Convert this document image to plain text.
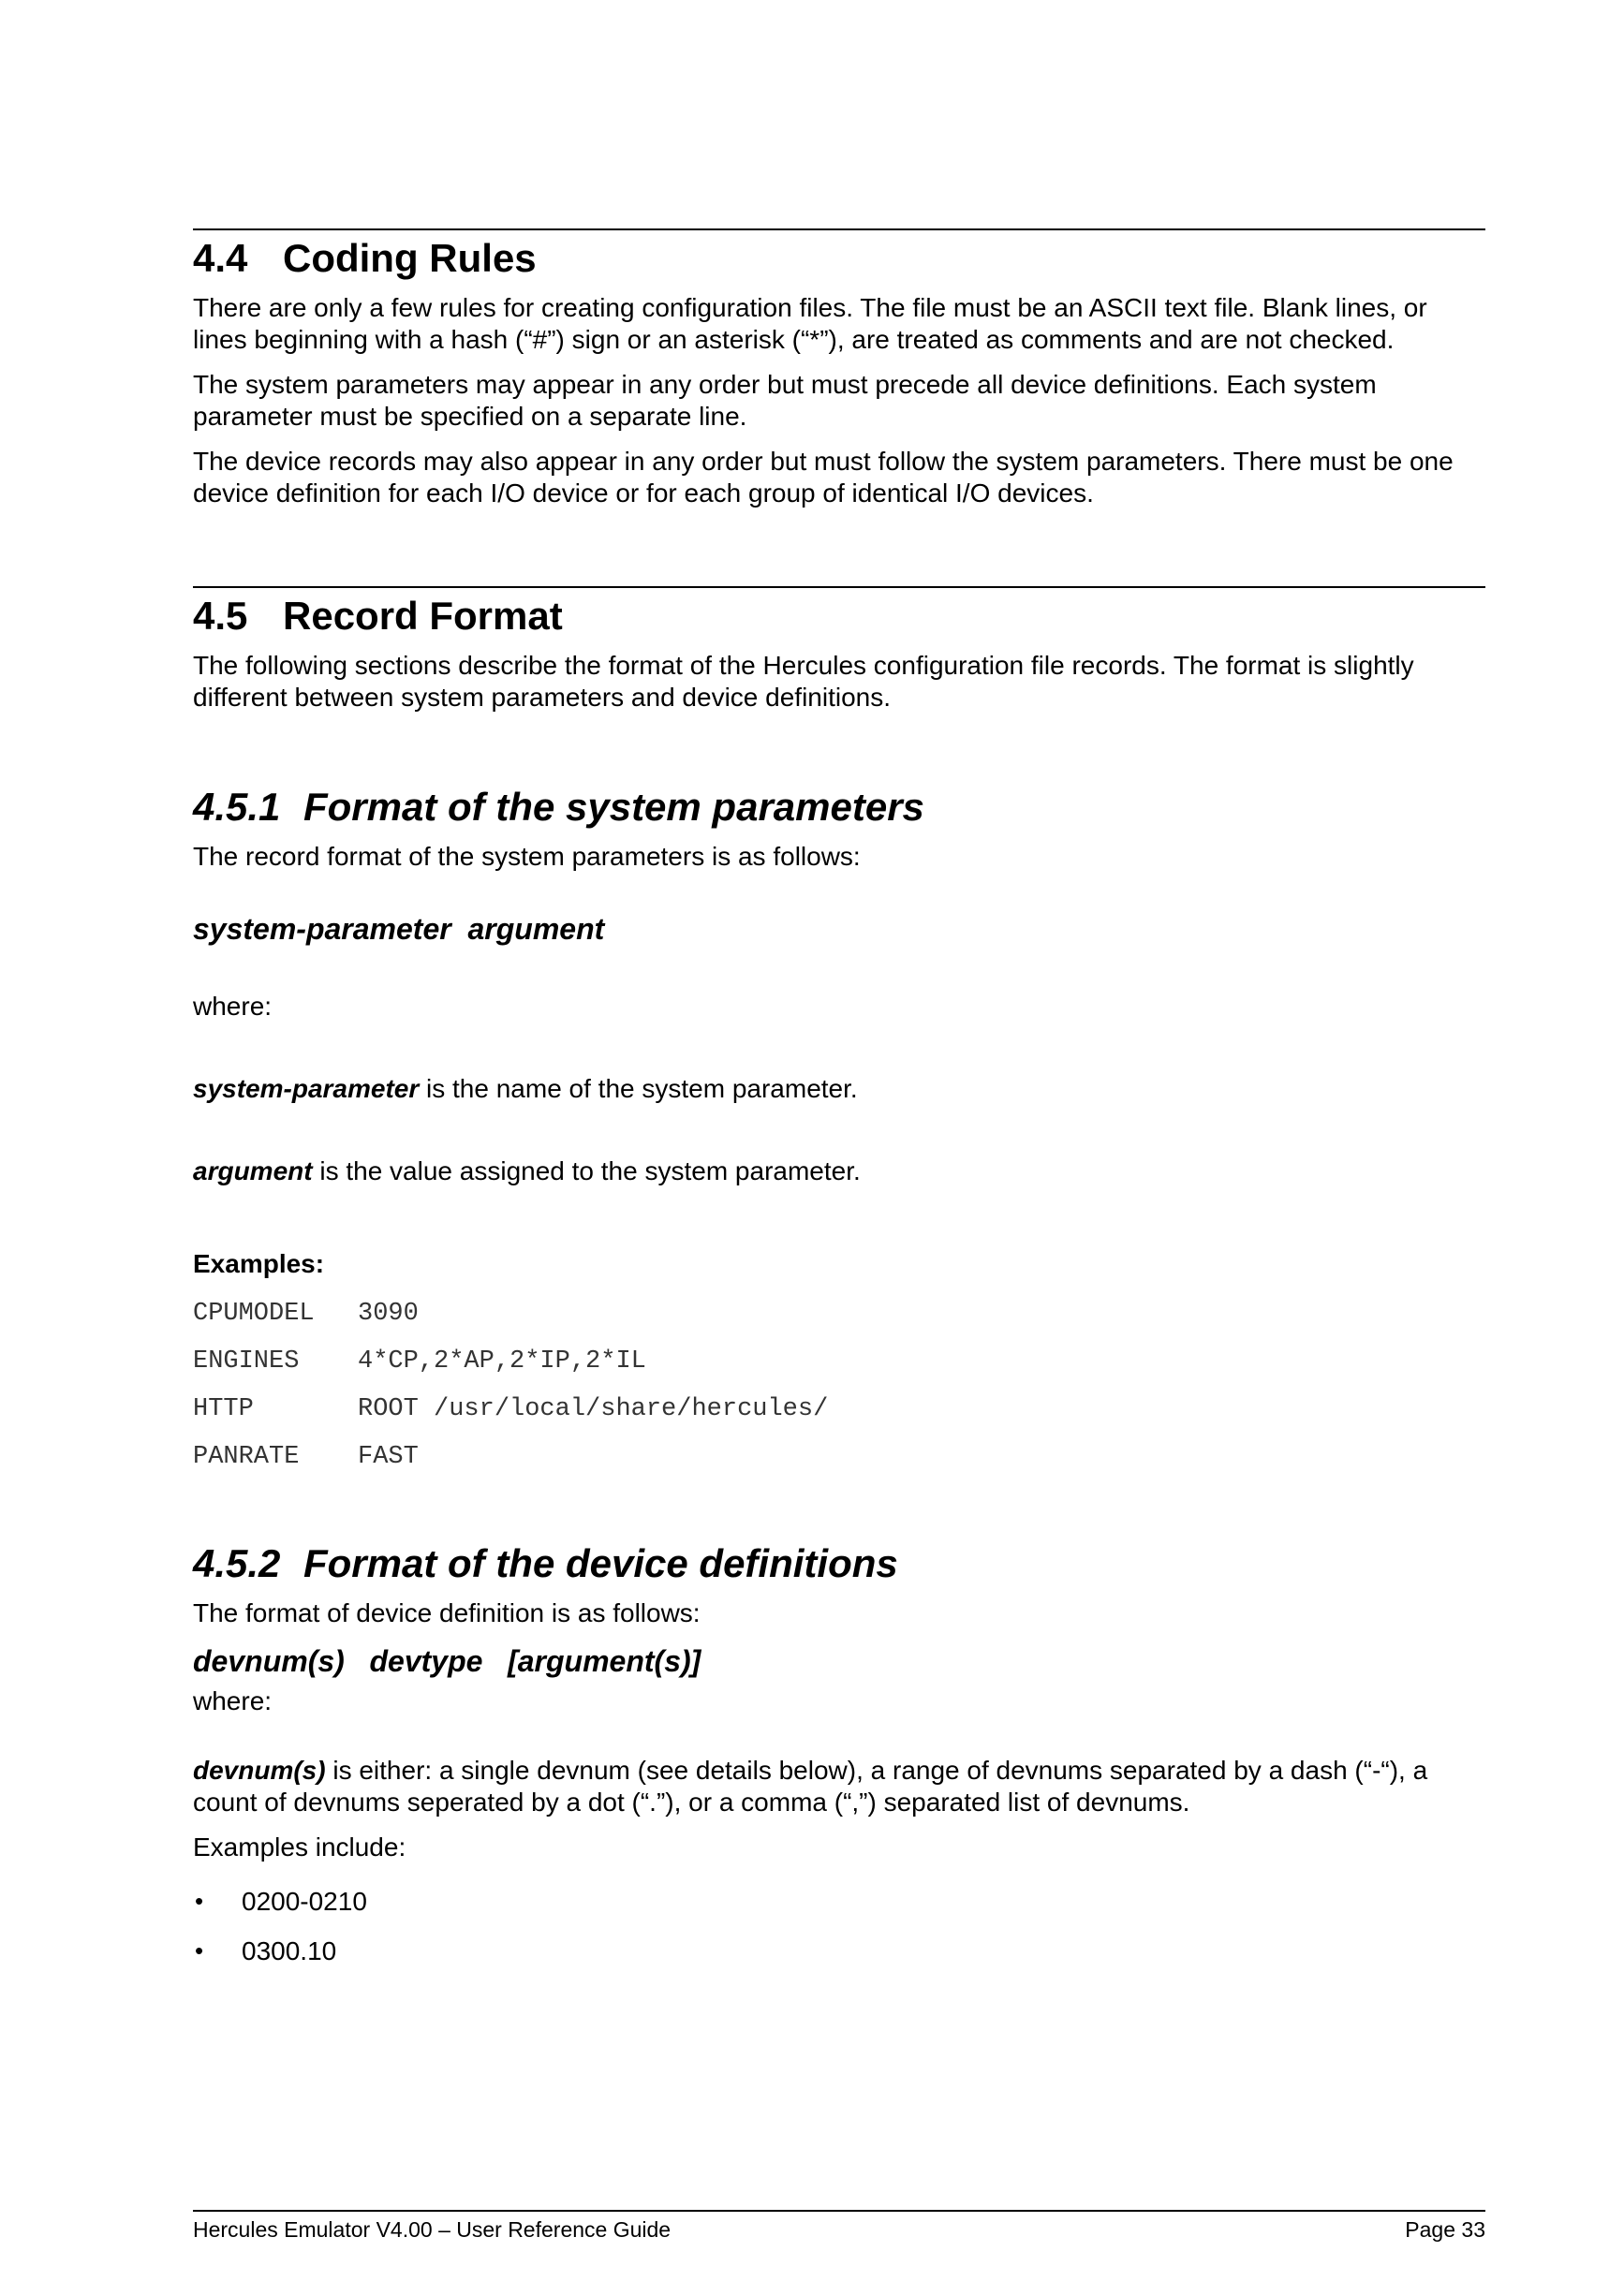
4.4 Coding Rules

There are only a few rules for creating configuration files. The file must be an ASCII text file. Blank lines, or lines beginning with a hash (“#”) sign or an asterisk (“*”), are treated as comments and are not checked.

The system parameters may appear in any order but must precede all device definitions. Each system parameter must be specified on a separate line.

The device records may also appear in any order but must follow the system parameters. There must be one device definition for each I/O device or for each group of identical I/O devices.

4.5 Record Format

The following sections describe the format of the Hercules configuration file records. The format is slightly different between system parameters and device definitions.

4.5.1 Format of the system parameters

The record format of the system parameters is as follows:

system-parameter  argument

where:

system-parameter is the name of the system parameter.

argument is the value assigned to the system parameter.

Examples:

CPUMODEL 3090
ENGINES 4*CP,2*AP,2*IP,2*IL
HTTP	ROOT /usr/local/share/hercules/
PANRATE FAST
4.5.2 Format of the device definitions

The format of device definition is as follows:

devnum(s)   devtype   [argument(s)]

where:

devnum(s) is either: a single devnum (see details below), a range of devnums separated by a dash (“-“), a count of devnums seperated by a dot (“.”), or a comma (“,”) separated list of devnums.

Examples include:

• 0200-0210
• 0300.10
Hercules Emulator V4.00 – User Reference Guide	Page 33
